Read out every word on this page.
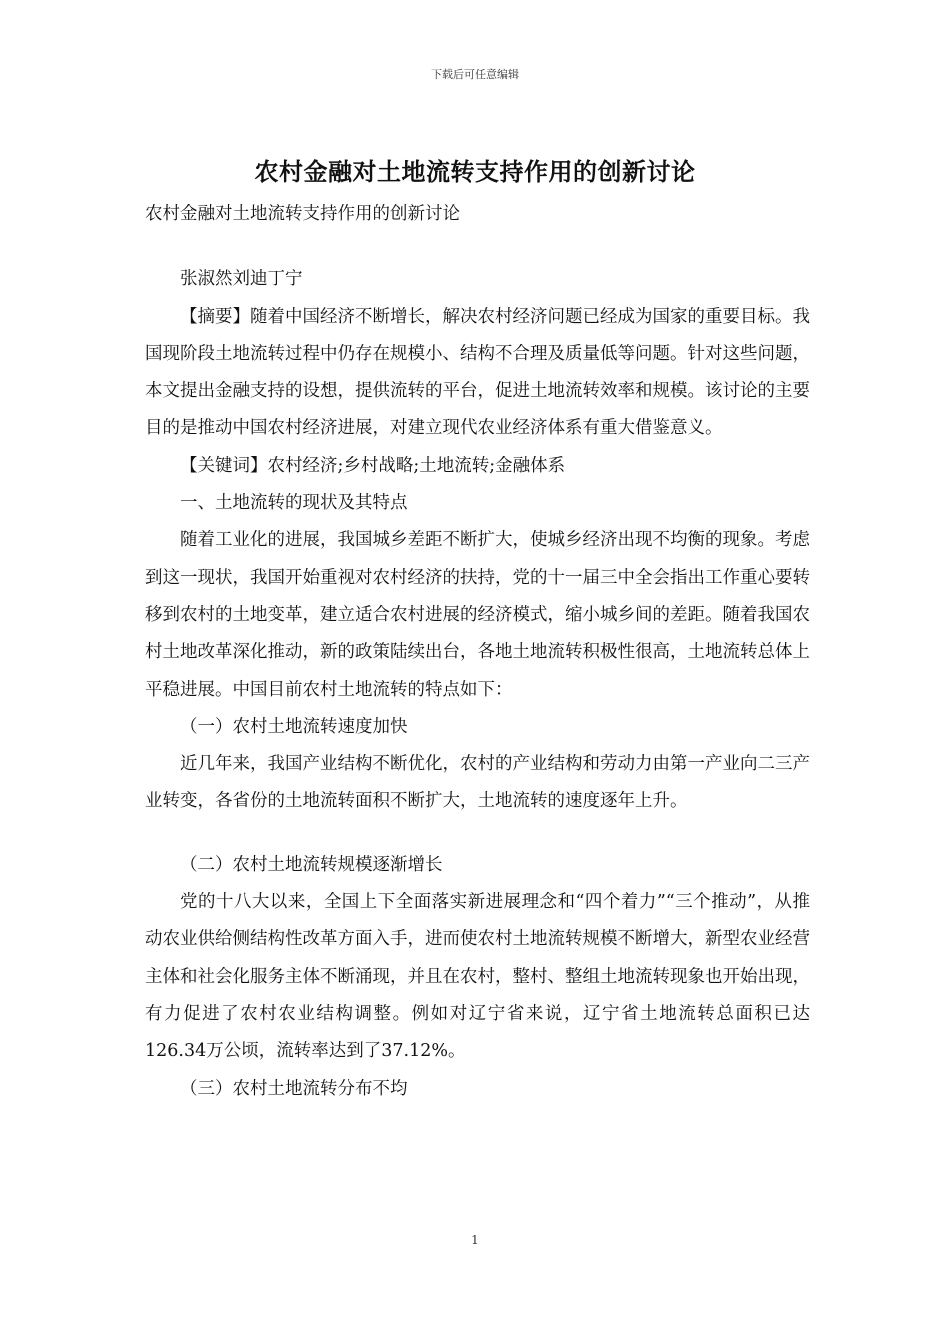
下载后可任意编辑
农村金融对土地流转支持作用的创新讨论

农村金融对土地流转支持作用的创新讨论

张淑然刘迪丁宁

【摘要】随着中国经济不断增长，解决农村经济问题已经成为国家的重要目标。我国现阶段土地流转过程中仍存在规模小、结构不合理及质量低等问题。针对这些问题，本文提出金融支持的设想，提供流转的平台，促进土地流转效率和规模。该讨论的主要目的是推动中国农村经济进展，对建立现代农业经济体系有重大借鉴意义。

【关键词】农村经济;乡村战略;土地流转;金融体系

一、土地流转的现状及其特点

随着工业化的进展，我国城乡差距不断扩大，使城乡经济出现不均衡的现象。考虑到这一现状，我国开始重视对农村经济的扶持，党的十一届三中全会指出工作重心要转移到农村的土地变革，建立适合农村进展的经济模式，缩小城乡间的差距。随着我国农村土地改革深化推动，新的政策陆续出台，各地土地流转积极性很高，土地流转总体上平稳进展。中国目前农村土地流转的特点如下：

（一）农村土地流转速度加快

近几年来，我国产业结构不断优化，农村的产业结构和劳动力由第一产业向二三产业转变，各省份的土地流转面积不断扩大，土地流转的速度逐年上升。

（二）农村土地流转规模逐渐增长

党的十八大以来，全国上下全面落实新进展理念和“四个着力”“三个推动”，从推动农业供给侧结构性改革方面入手，进而使农村土地流转规模不断增大，新型农业经营主体和社会化服务主体不断涌现，并且在农村，整村、整组土地流转现象也开始出现，有力促进了农村农业结构调整。例如对辽宁省来说，辽宁省土地流转总面积已达126.34万公顷，流转率达到了37.12%。

（三）农村土地流转分布不均

1
